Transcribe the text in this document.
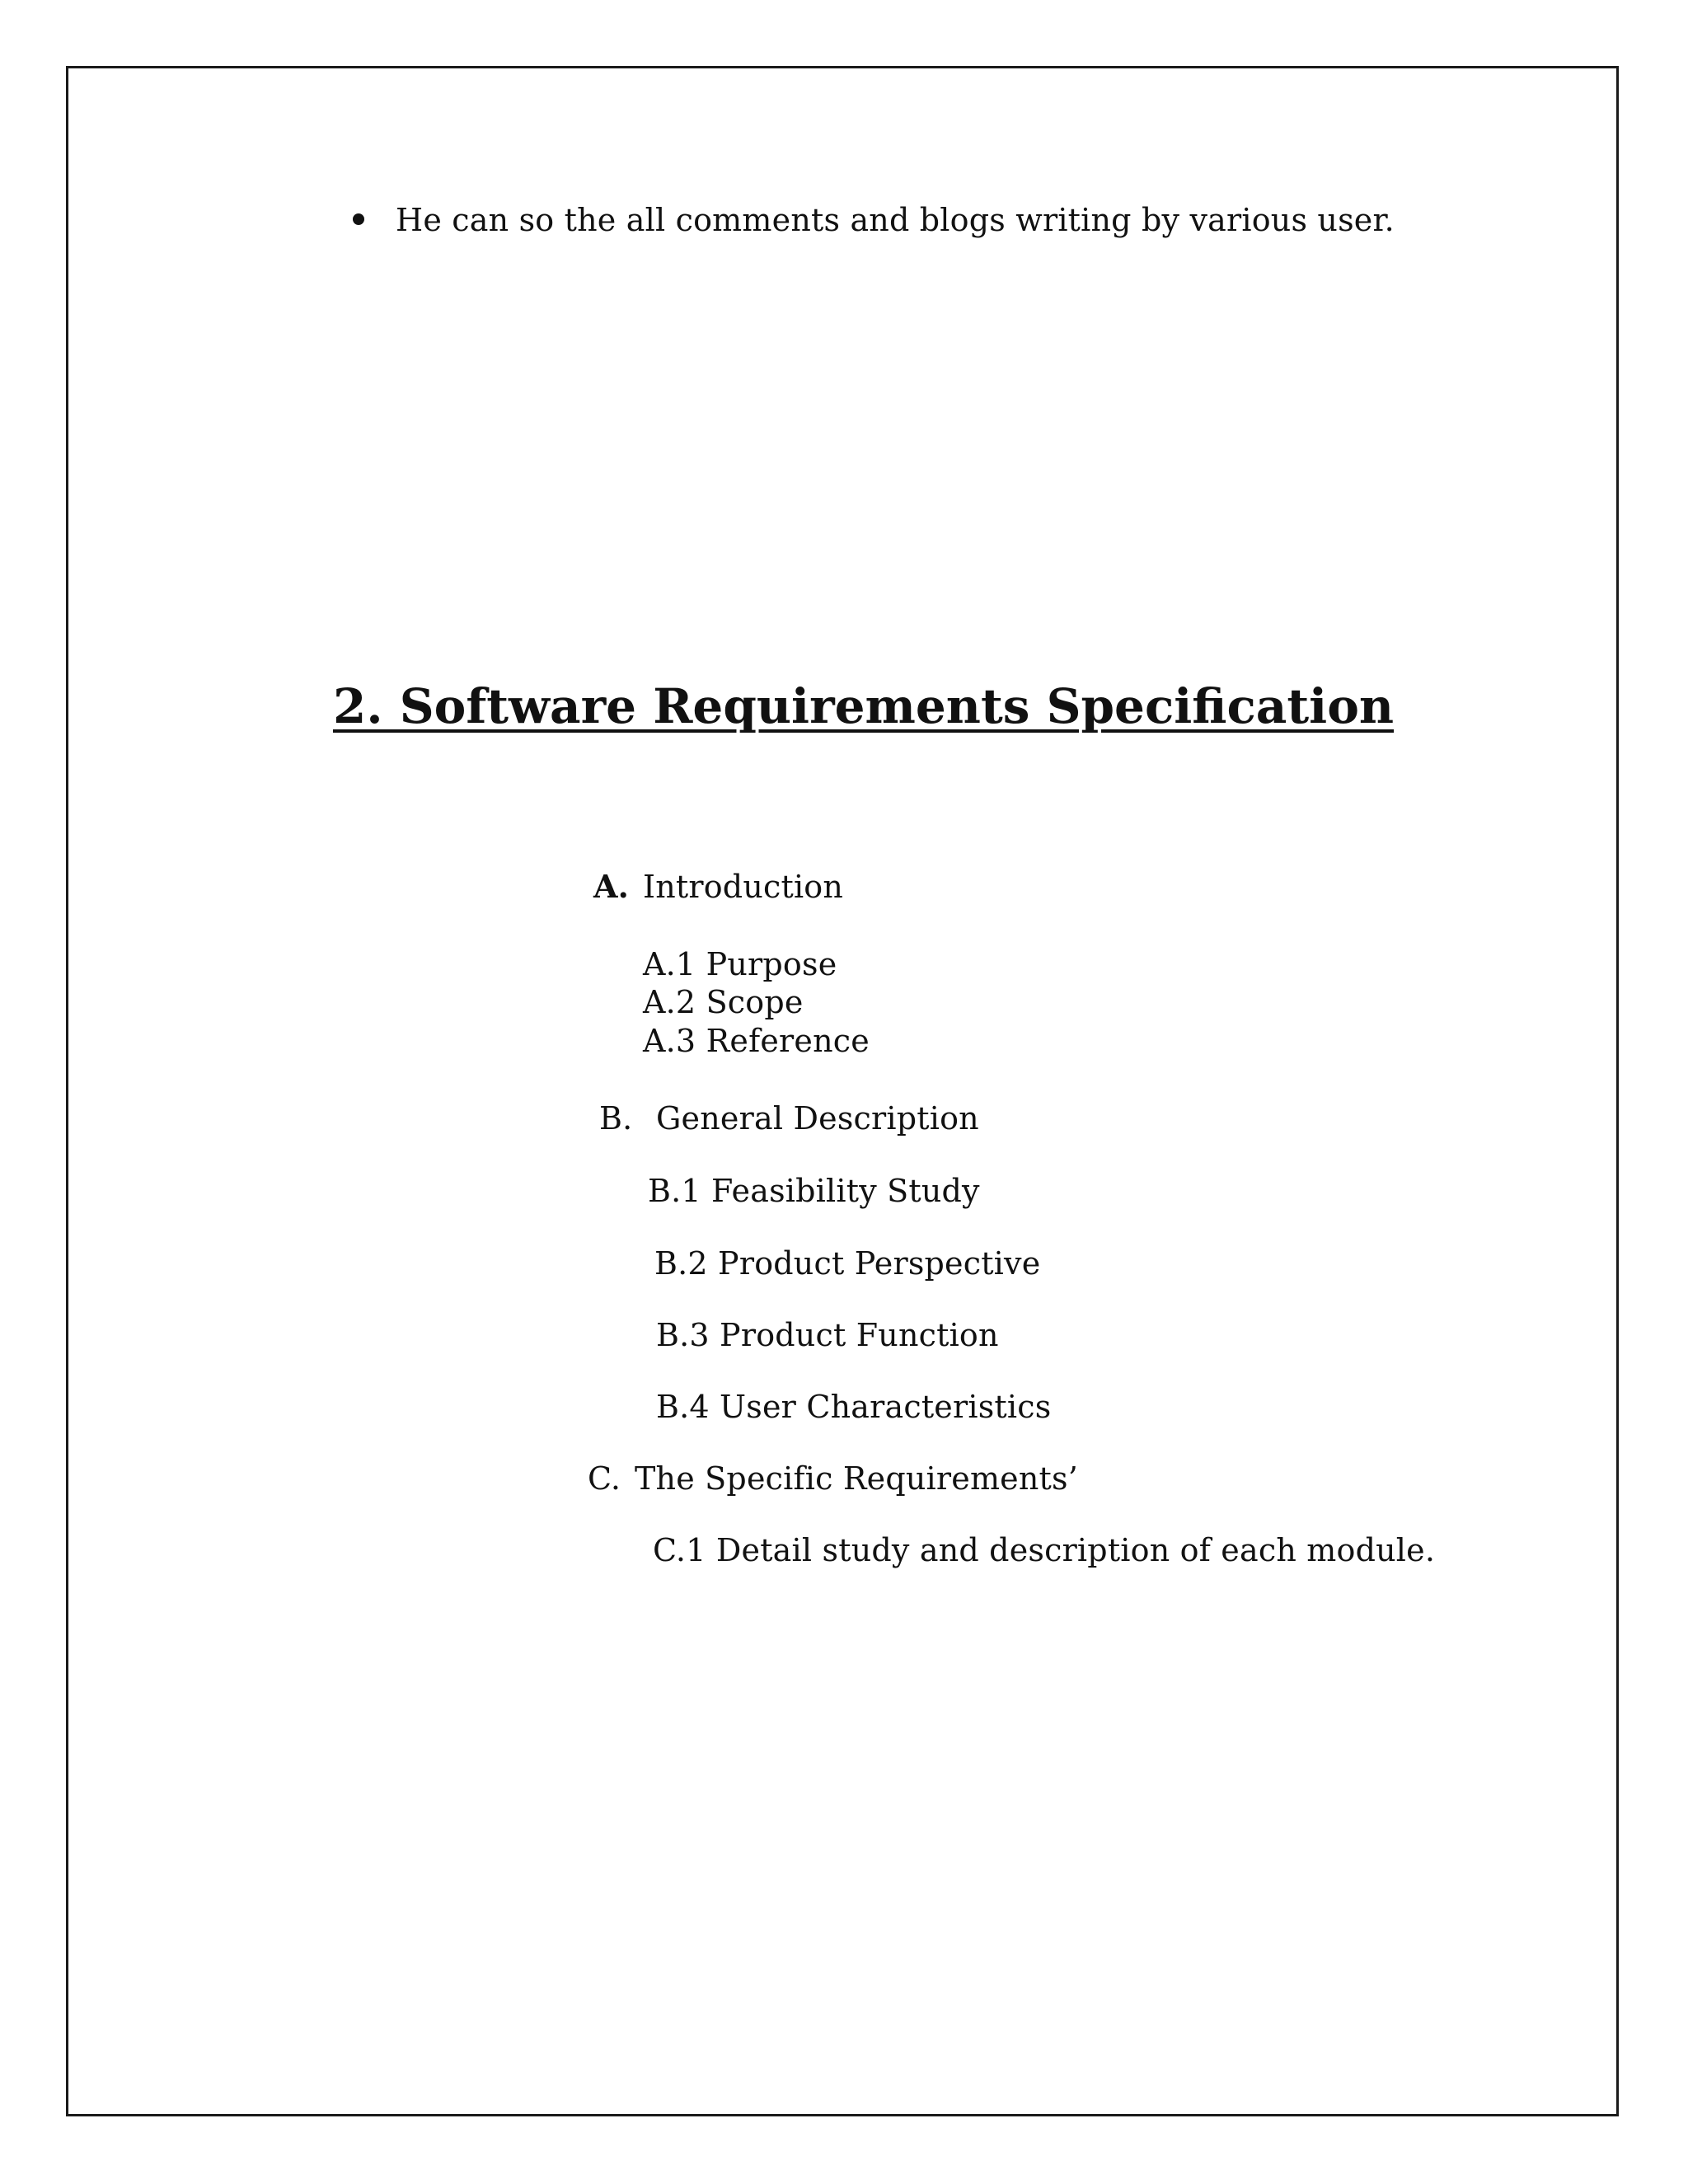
He can so the all comments and blogs writing by various user.
2. Software Requirements Specification
A. Introduction
A.1 Purpose
A.2 Scope
A.3 Reference
B. General Description
B.1 Feasibility Study
B.2 Product Perspective
B.3 Product Function
B.4 User Characteristics
C. The Specific Requirements’
C.1 Detail study and description of each module.
